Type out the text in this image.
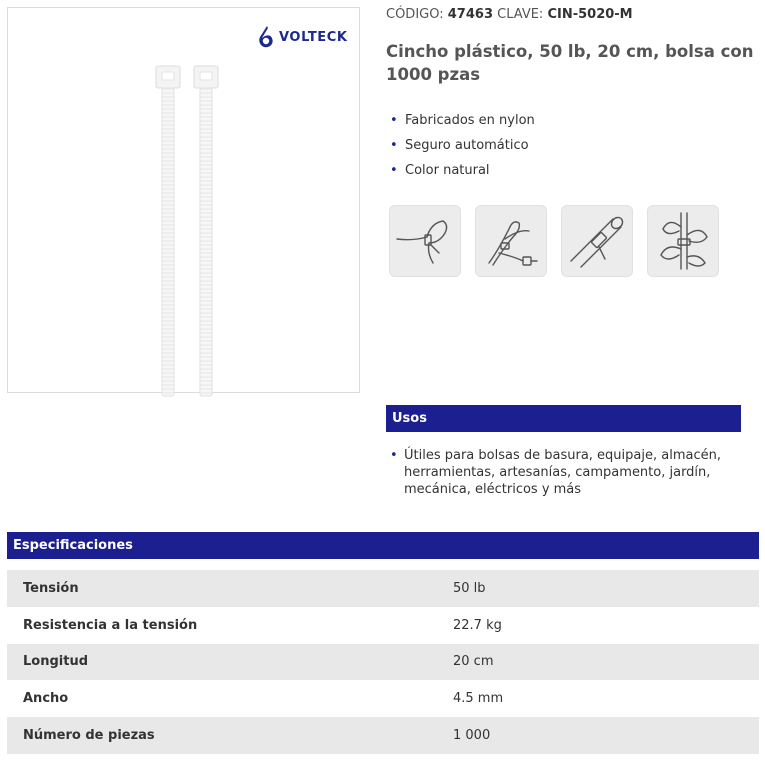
VOLTECK
CÓDIGO: 47463 CLAVE: CIN-5020-M
Cincho plástico, 50 lb, 20 cm, bolsa con 1000 pzas
• Fabricados en nylon
• Seguro automático
• Color natural
Usos

• Útiles para bolsas de basura, equipaje, almacén, herramientas, artesanías, campamento, jardín, mecánica, eléctricos y más

Especificaciones
Tensión	50 lb
Resistencia a la tensión	22.7 kg
Longitud	20 cm
Ancho	4.5 mm
Número de piezas	1 000
